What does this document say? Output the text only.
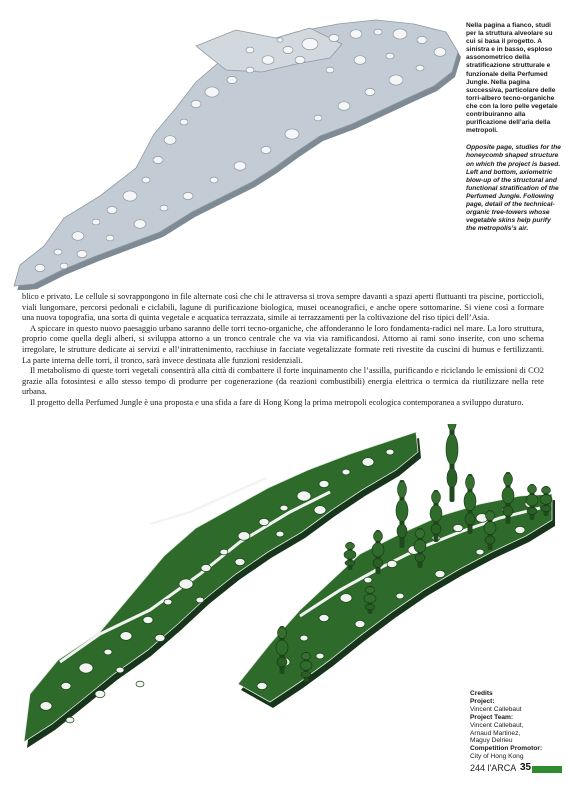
Nella pagina a fianco, studi per la struttura alveolare su cui si basa il progetto. A sinistra e in basso, esploso assonometrico della stratificazione strutturale e funzionale della Perfumed Jungle. Nella pagina successiva, particolare delle torri-albero tecno-organiche che con la loro pelle vegetale contribuiranno alla purificazione dell’aria della metropoli.

Opposite page, studies for the honeycomb shaped structure on which the project is based. Left and bottom, axiometric blow-up of the structural and functional stratification of the Perfumed Jungle. Following page, detail of the technical-organic tree-towers whose vegetable skins help purify the metropolis’s air.

blico e privato. Le cellule si sovrappongono in file alternate così che chi le attraversa si trova sempre davanti a spazi aperti fluttuanti tra piscine, porticcioli, viali lungomare, percorsi pedonali e ciclabili, lagune di purificazione biologica, musei oceanografici, e anche opere sottomarine. Si viene così a formare una nuova topografia, una sorta di quinta vegetale e acquatica terrazzata, simile ai terrazzamenti per la coltivazione del riso tipici dell’Asia.

A spiccare in questo nuovo paesaggio urbano saranno delle torri tecno-organiche, che affonderanno le loro fondamenta-radici nel mare. La loro struttura, proprio come quella degli alberi, si sviluppa attorno a un tronco centrale che va via via ramificandosi. Attorno ai rami sono inserite, con uno schema irregolare, le strutture dedicate ai servizi e all’intrattenimento, racchiuse in facciate vegetalizzate formate reti rivestite da cuscini di humus e fertilizzanti. La parte interna delle torri, il tronco, sarà invece destinata alle funzioni residenziali.

Il metabolismo di queste torri vegetali consentirà alla città di combattere il forte inquinamento che l’assilla, purificando e riciclando le emissioni di CO2 grazie alla fotosintesi e allo stesso tempo di produrre per cogenerazione (da reazioni combustibili) energia elettrica o termica da riutilizzare nella rete urbana.

Il progetto della Perfumed Jungle è una proposta e una sfida a fare di Hong Kong la prima metropoli ecologica contemporanea a sviluppo duraturo.

Credits
Project:
Vincent Callebaut
Project Team:
Vincent Callebaut,
Arnaud Martinez,
Maguy Delrieu
Competition Promotor:
City of Hong Kong
244 l'ARCA 35
